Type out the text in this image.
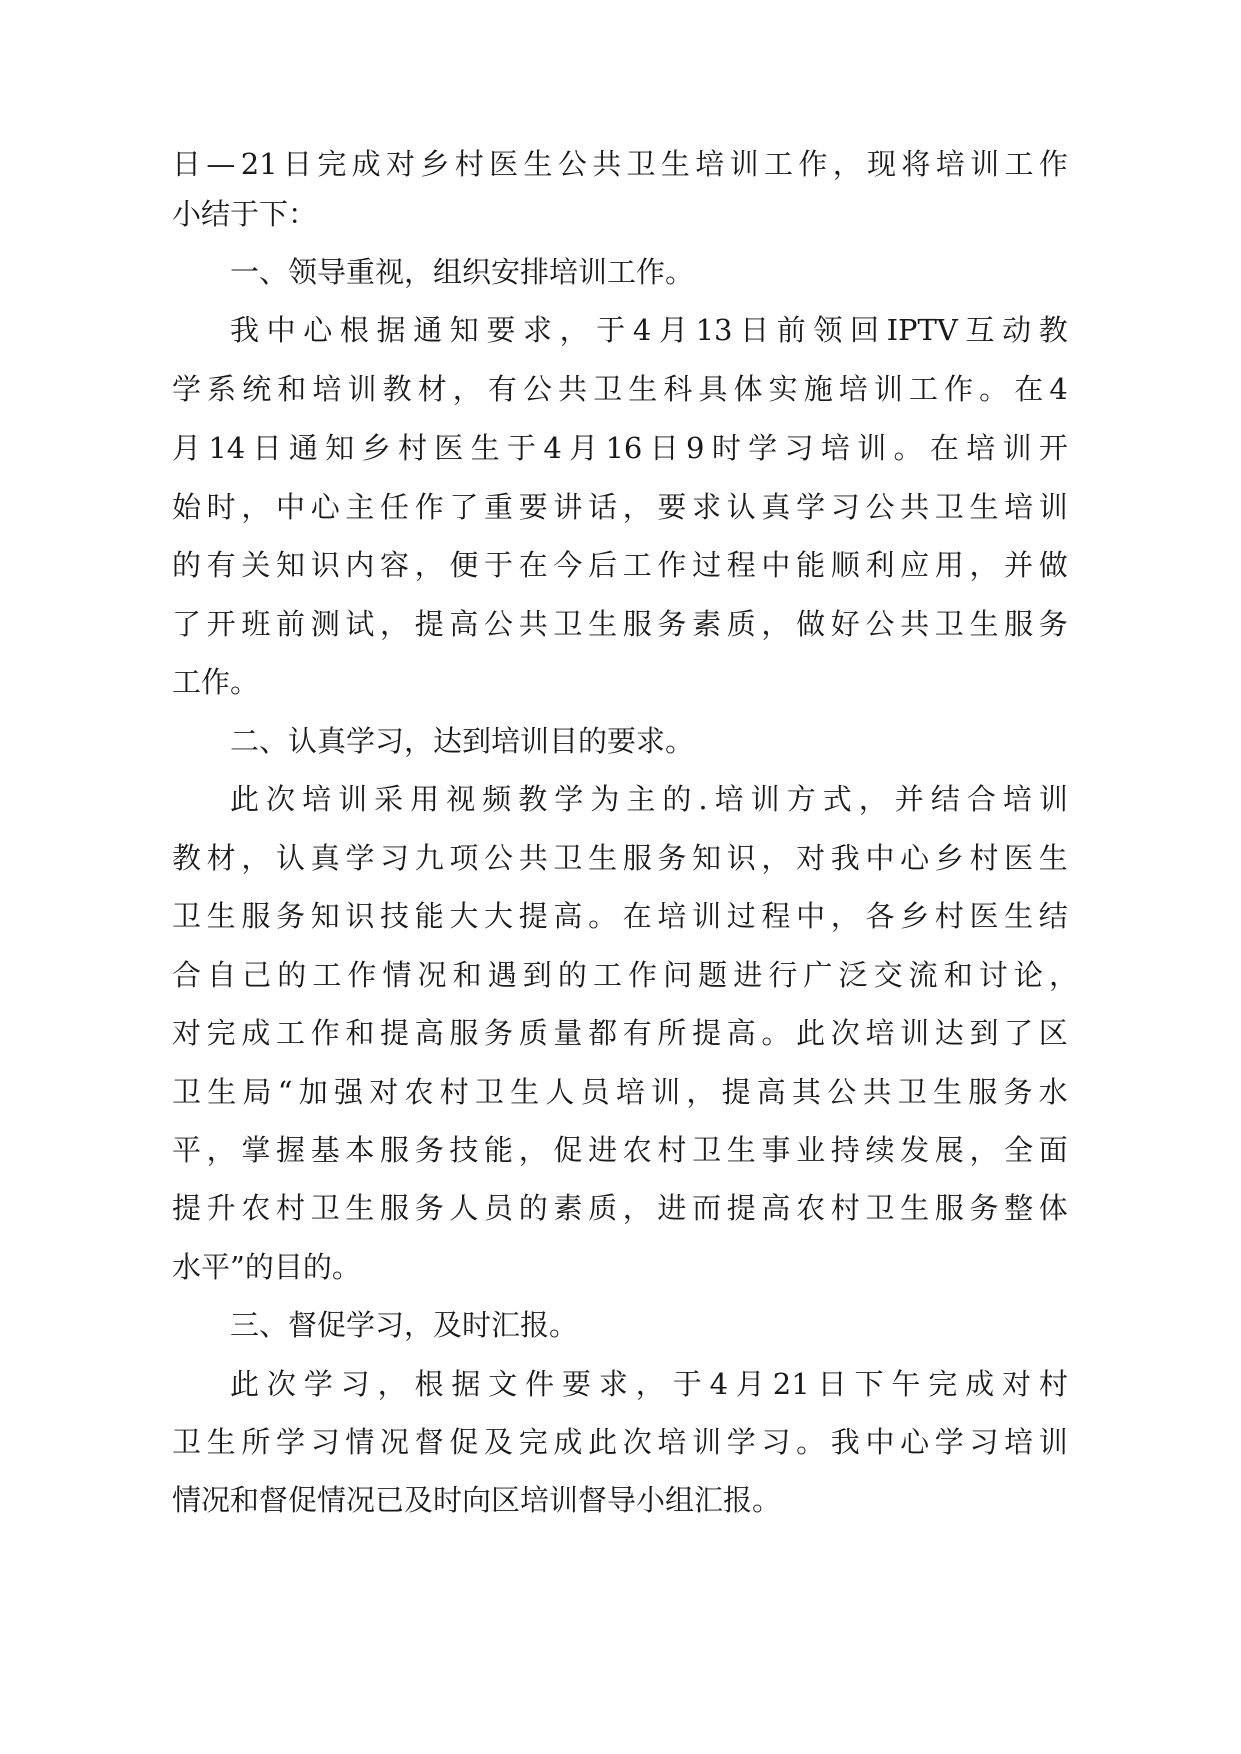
日 — 21 日 完 成 对 乡 村 医 生 公 共 卫 生 培 训 工 作 ， 现 将 培 训 工 作
小结于下：
一、领导重视，组织安排培训工作。
我 中 心 根 据 通 知 要 求 ， 于 4 月 13 日 前 领 回 IPTV 互 动 教
学 系 统 和 培 训 教 材 ， 有 公 共 卫 生 科 具 体 实 施 培 训 工 作 。 在 4
月 14 日 通 知 乡 村 医 生 于 4 月 16 日 9 时 学 习 培 训 。 在 培 训 开
始 时 ， 中 心 主 任 作 了 重 要 讲 话 ， 要 求 认 真 学 习 公 共 卫 生 培 训
的 有 关 知 识 内 容 ， 便 于 在 今 后 工 作 过 程 中 能 顺 利 应 用 ， 并 做
了 开 班 前 测 试 ， 提 高 公 共 卫 生 服 务 素 质 ， 做 好 公 共 卫 生 服 务
工作。
二、认真学习，达到培训目的要求。
此 次 培 训 采 用 视 频 教 学 为 主 的 . 培 训 方 式 ， 并 结 合 培 训
教 材 ， 认 真 学 习 九 项 公 共 卫 生 服 务 知 识 ， 对 我 中 心 乡 村 医 生
卫 生 服 务 知 识 技 能 大 大 提 高 。 在 培 训 过 程 中 ， 各 乡 村 医 生 结
合 自 己 的 工 作 情 况 和 遇 到 的 工 作 问 题 进 行 广 泛 交 流 和 讨 论 ，
对 完 成 工 作 和 提 高 服 务 质 量 都 有 所 提 高 。 此 次 培 训 达 到 了 区
卫 生 局 “ 加 强 对 农 村 卫 生 人 员 培 训 ， 提 高 其 公 共 卫 生 服 务 水
平 ， 掌 握 基 本 服 务 技 能 ， 促 进 农 村 卫 生 事 业 持 续 发 展 ， 全 面
提 升 农 村 卫 生 服 务 人 员 的 素 质 ， 进 而 提 高 农 村 卫 生 服 务 整 体
水平”的目的。
三、督促学习，及时汇报。
此 次 学 习 ， 根 据 文 件 要 求 ， 于 4 月 21 日 下 午 完 成 对 村
卫 生 所 学 习 情 况 督 促 及 完 成 此 次 培 训 学 习 。 我 中 心 学 习 培 训
情况和督促情况已及时向区培训督导小组汇报。
